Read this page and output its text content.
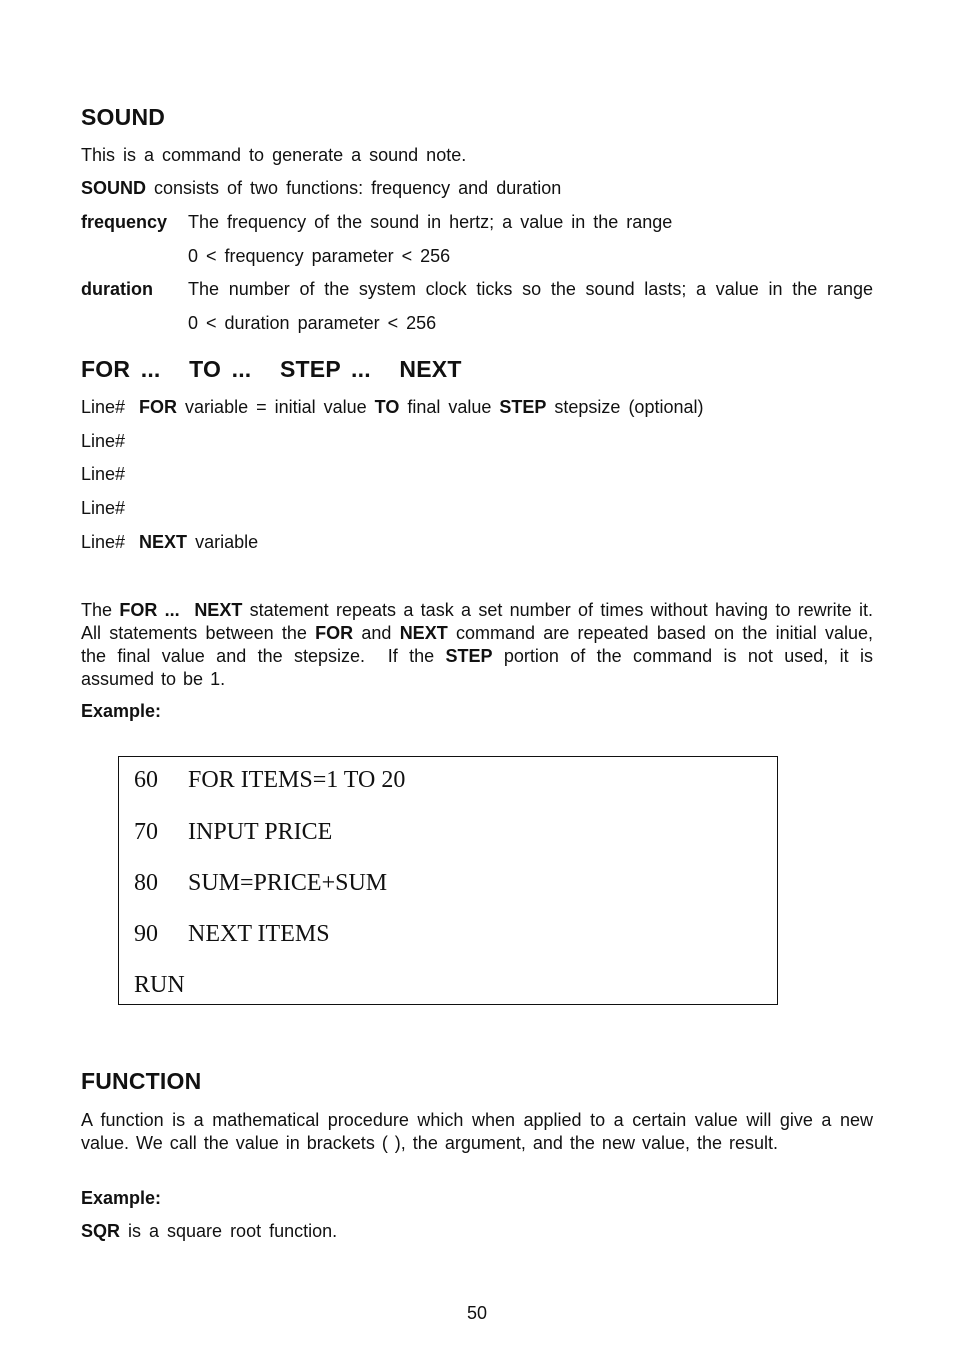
SOUND
This is a command to generate a sound note.
SOUND consists of two functions: frequency and duration
frequency The frequency of the sound in hertz; a value in the range
0 < frequency parameter < 256
duration The number of the system clock ticks so the sound lasts; a value in the range
0 < duration parameter < 256
FOR ... TO ... STEP ... NEXT
Line# FOR variable = initial value TO final value STEP stepsize (optional)
Line#
Line#
Line#
Line# NEXT variable
The FOR ... NEXT statement repeats a task a set number of times without having to rewrite it.  All statements between the FOR and NEXT command are repeated based on the initial value, the final value and the stepsize.  If the STEP portion of the command is not used, it is assumed to be 1.
Example:
60 FOR ITEMS=1 TO 20
70 INPUT PRICE
80 SUM=PRICE+SUM
90 NEXT ITEMS
RUN
FUNCTION
A function is a mathematical procedure which when applied to a certain value will give a new value. We call the value in brackets ( ), the argument, and the new value, the result.
Example:
SQR is a square root function.
50
